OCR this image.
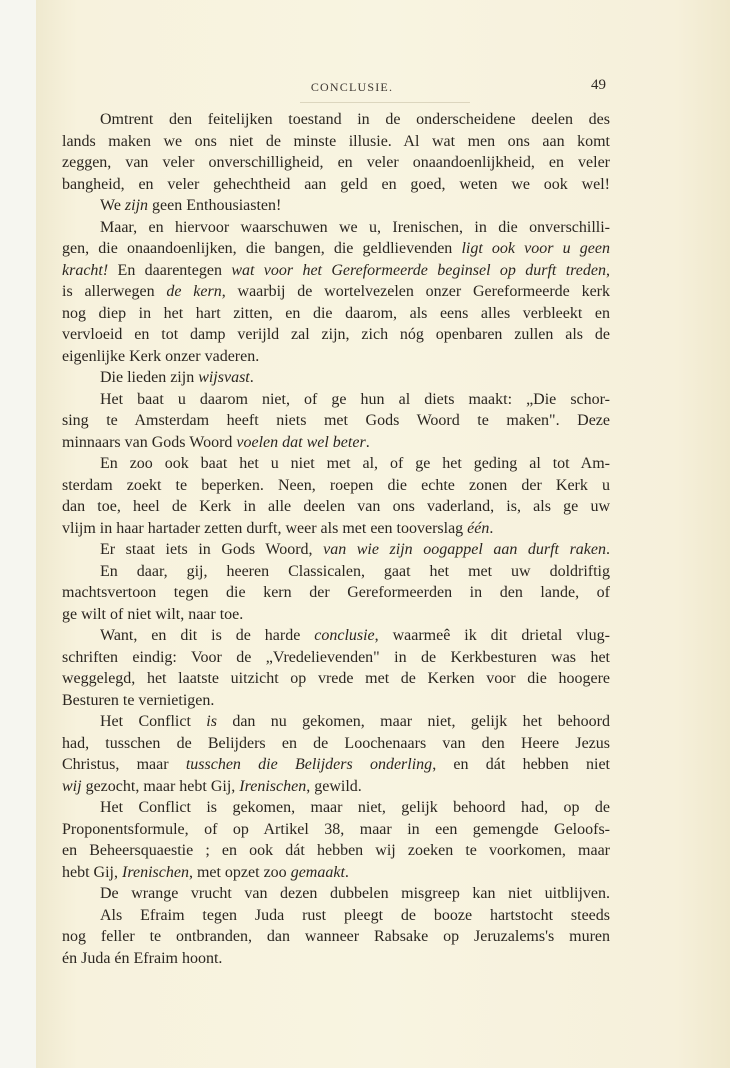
CONCLUSIE.	49
Omtrent den feitelijken toestand in de onderscheidene deelen des
lands maken we ons niet de minste illusie. Al wat men ons aan komt
zeggen, van veler onverschilligheid, en veler onaandoenlijkheid, en veler
bangheid, en veler gehechtheid aan geld en goed, weten we ook wel!
We zijn geen Enthousiasten!
Maar, en hiervoor waarschuwen we u, Irenischen, in die onverschilli-
gen, die onaandoenlijken, die bangen, die geldlievenden ligt ook voor u geen
kracht! En daarentegen wat voor het Gereformeerde beginsel op durft treden,
is allerwegen de kern, waarbij de wortelvezelen onzer Gereformeerde kerk
nog diep in het hart zitten, en die daarom, als eens alles verbleekt en
vervloeid en tot damp verijld zal zijn, zich nóg openbaren zullen als de
eigenlijke Kerk onzer vaderen.
Die lieden zijn wijsvast.
Het baat u daarom niet, of ge hun al diets maakt: „Die schor-
sing te Amsterdam heeft niets met Gods Woord te maken". Deze
minnaars van Gods Woord voelen dat wel beter.
En zoo ook baat het u niet met al, of ge het geding al tot Am-
sterdam zoekt te beperken. Neen, roepen die echte zonen der Kerk u
dan toe, heel de Kerk in alle deelen van ons vaderland, is, als ge uw
vlijm in haar hartader zetten durft, weer als met een tooverslag één.
Er staat iets in Gods Woord, van wie zijn oogappel aan durft raken.
En daar, gij, heeren Classicalen, gaat het met uw doldriftig
machtsvertoon tegen die kern der Gereformeerden in den lande, of
ge wilt of niet wilt, naar toe.
Want, en dit is de harde conclusie, waarmeê ik dit drietal vlug-
schriften eindig: Voor de „Vredelievenden" in de Kerkbesturen was het
weggelegd, het laatste uitzicht op vrede met de Kerken voor die hoogere
Besturen te vernietigen.
Het Conflict is dan nu gekomen, maar niet, gelijk het behoord
had, tusschen de Belijders en de Loochenaars van den Heere Jezus
Christus, maar tusschen die Belijders onderling, en dát hebben niet
wij gezocht, maar hebt Gij, Irenischen, gewild.
Het Conflict is gekomen, maar niet, gelijk behoord had, op de
Proponentsformule, of op Artikel 38, maar in een gemengde Geloofs-
en Beheersquaestie ; en ook dát hebben wij zoeken te voorkomen, maar
hebt Gij, Irenischen, met opzet zoo gemaakt.
De wrange vrucht van dezen dubbelen misgreep kan niet uitblijven.
Als Efraim tegen Juda rust pleegt de booze hartstocht steeds
nog feller te ontbranden, dan wanneer Rabsake op Jeruzalems's muren
én Juda én Efraim hoont.
